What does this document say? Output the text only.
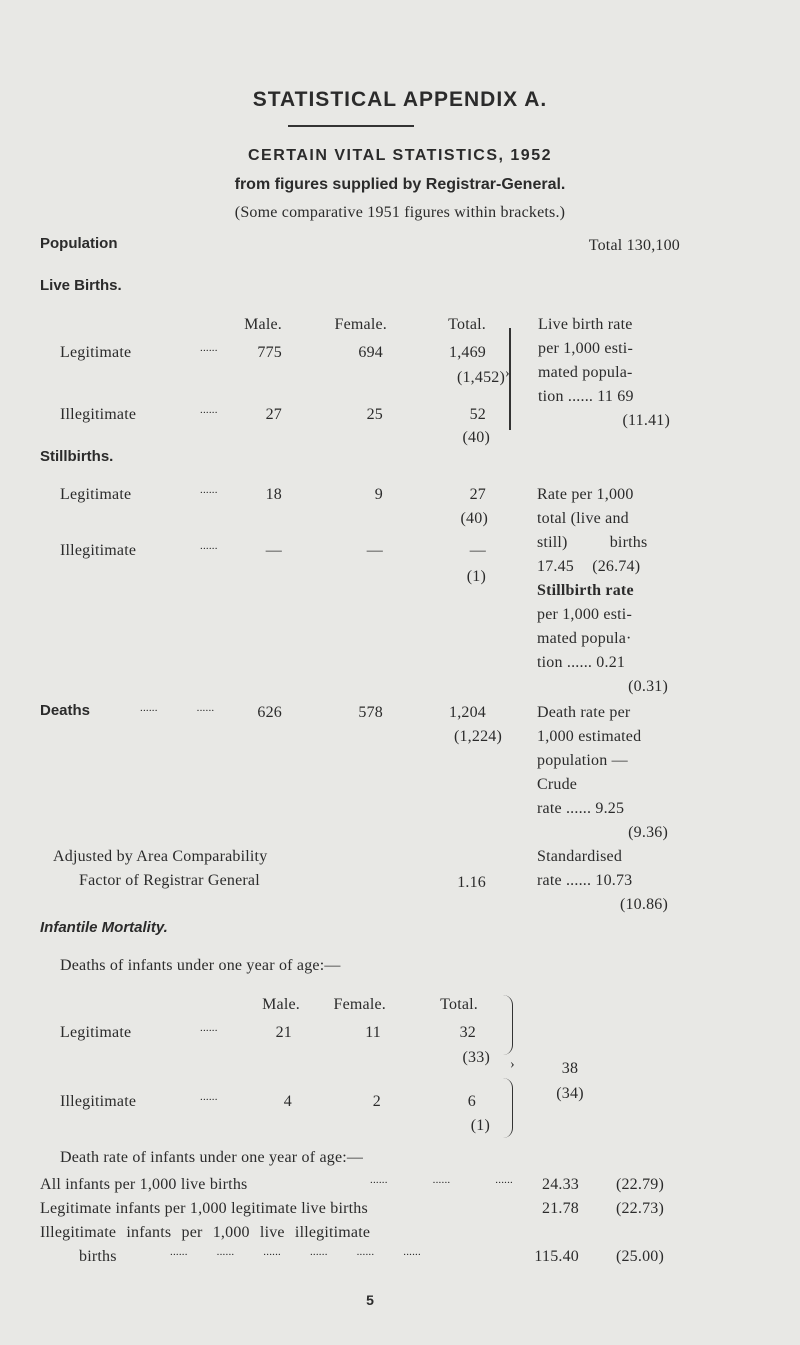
STATISTICAL APPENDIX A.
CERTAIN VITAL STATISTICS, 1952
from figures supplied by Registrar-General.
(Some comparative 1951 figures within brackets.)
Population	Total 130,100
Live Births.
Male.	Female.	Total.
Legitimate	......	775	694	1,469
(1,452)
Illegitimate	......	27	25	52
(40)
›
Live birth rate
per 1,000 esti-
mated popula-
tion ...... 11 69
(11.41)
Stillbirths.
Legitimate	......	18	9	27
(40)
Illegitimate	......	—	—	—
(1)
Rate per 1,000
total (live and
still) births
17.45 (26.74)
Stillbirth rate
per 1,000 esti-
mated popula·
tion ...... 0.21
(0.31)
Deaths	...... ......	626	578	1,204
(1,224)
Death rate per
1,000 estimated
population —
Crude
rate ...... 9.25
(9.36)
Standardised
rate ...... 10.73
(10.86)
Adjusted by Area Comparability
Factor of Registrar General	1.16
Infantile Mortality.
Deaths of infants under one year of age:—
Male.	Female.	Total.
Legitimate	......	21	11	32
(33)
Illegitimate	......	4	2	6
(1)
›	38
(34)
Death rate of infants under one year of age:—
All infants per 1,000 live births	...... ...... ......	24.33	(22.79)
Legitimate infants per 1,000 legitimate live births	21.78	(22.73)
Illegitimate infants per 1,000 live illegitimate
births	...... ...... ...... ...... ...... ......	115.40	(25.00)
5
